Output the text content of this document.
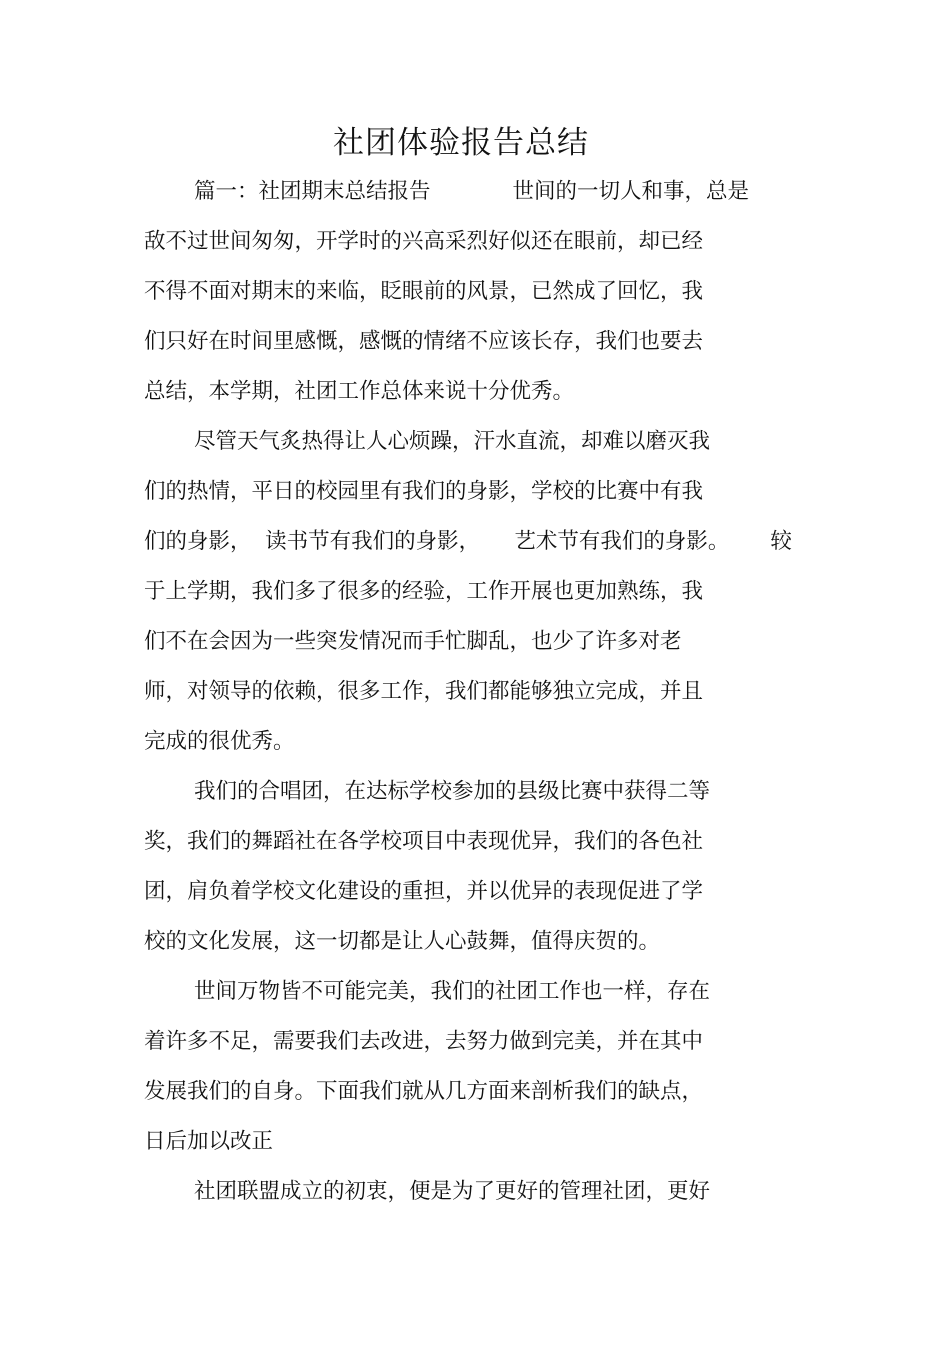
社团体验报告总结
篇一：社团期末总结报告            世间的一切人和事，总是
敌不过世间匆匆，开学时的兴高采烈好似还在眼前，却已经
不得不面对期末的来临，眨眼前的风景，已然成了回忆，我
们只好在时间里感慨，感慨的情绪不应该长存，我们也要去
总结，本学期，社团工作总体来说十分优秀。
尽管天气炙热得让人心烦躁，汗水直流，却难以磨灭我
们的热情，平日的校园里有我们的身影，学校的比赛中有我
们的身影，  读书节有我们的身影，     艺术节有我们的身影。      较
于上学期，我们多了很多的经验，工作开展也更加熟练，我
们不在会因为一些突发情况而手忙脚乱，也少了许多对老
师，对领导的依赖，很多工作，我们都能够独立完成，并且
完成的很优秀。
我们的合唱团，在达标学校参加的县级比赛中获得二等
奖，我们的舞蹈社在各学校项目中表现优异，我们的各色社
团，肩负着学校文化建设的重担，并以优异的表现促进了学
校的文化发展，这一切都是让人心鼓舞，值得庆贺的。
世间万物皆不可能完美，我们的社团工作也一样，存在
着许多不足，需要我们去改进，去努力做到完美，并在其中
发展我们的自身。下面我们就从几方面来剖析我们的缺点，
日后加以改正
社团联盟成立的初衷，便是为了更好的管理社团，更好
